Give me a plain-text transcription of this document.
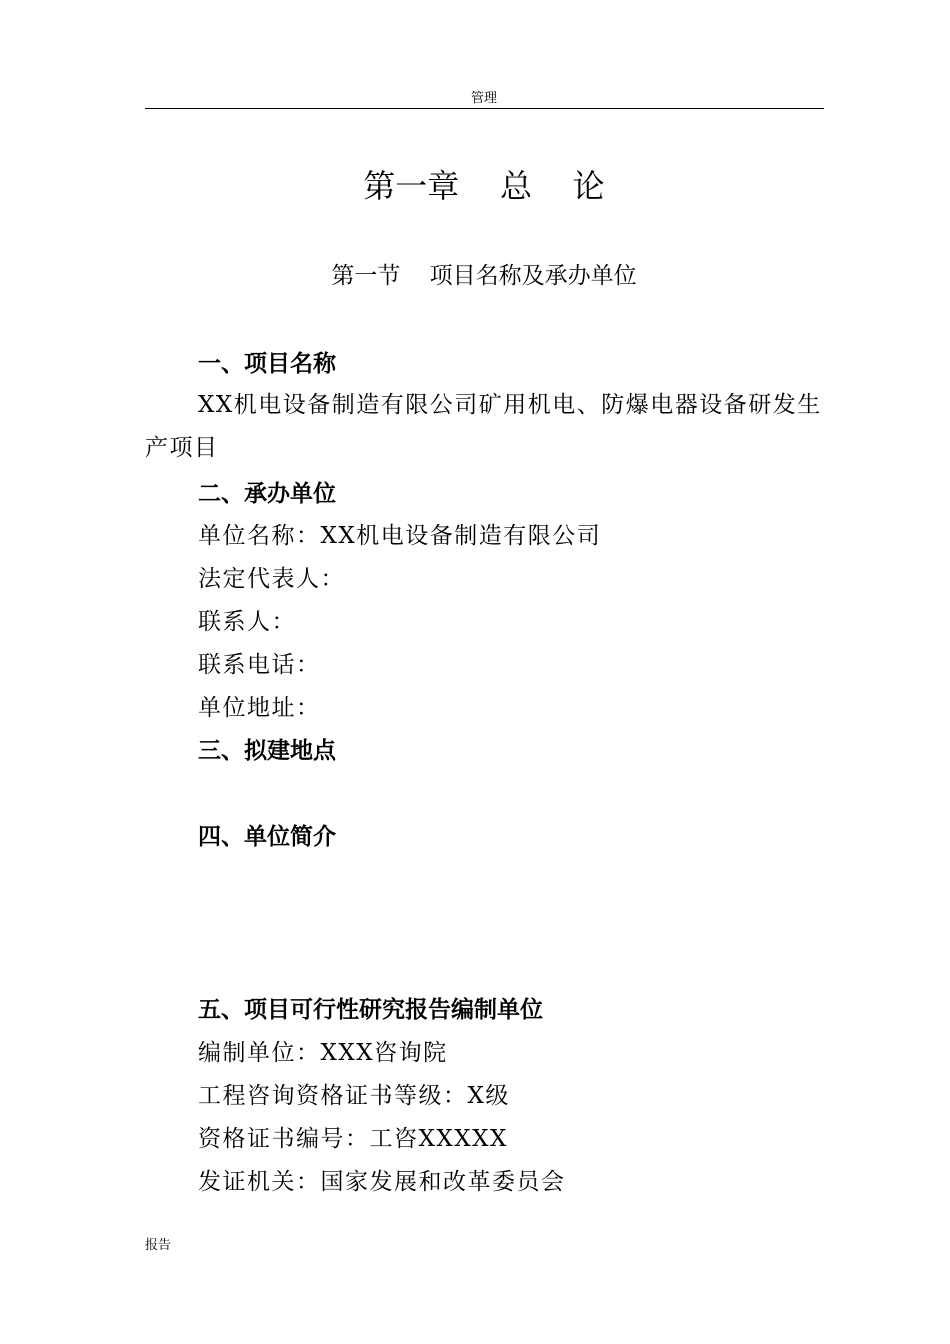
管理
第一章    总    论
第一节    项目名称及承办单位
一、项目名称
XX机电设备制造有限公司矿用机电、防爆电器设备研发生产项目
二、承办单位
单位名称：XX机电设备制造有限公司
法定代表人：
联系人：
联系电话：
单位地址：
三、拟建地点
四、单位简介
五、项目可行性研究报告编制单位
编制单位：XXX咨询院
工程咨询资格证书等级：X级
资格证书编号：工咨XXXXX
发证机关：国家发展和改革委员会
报告
